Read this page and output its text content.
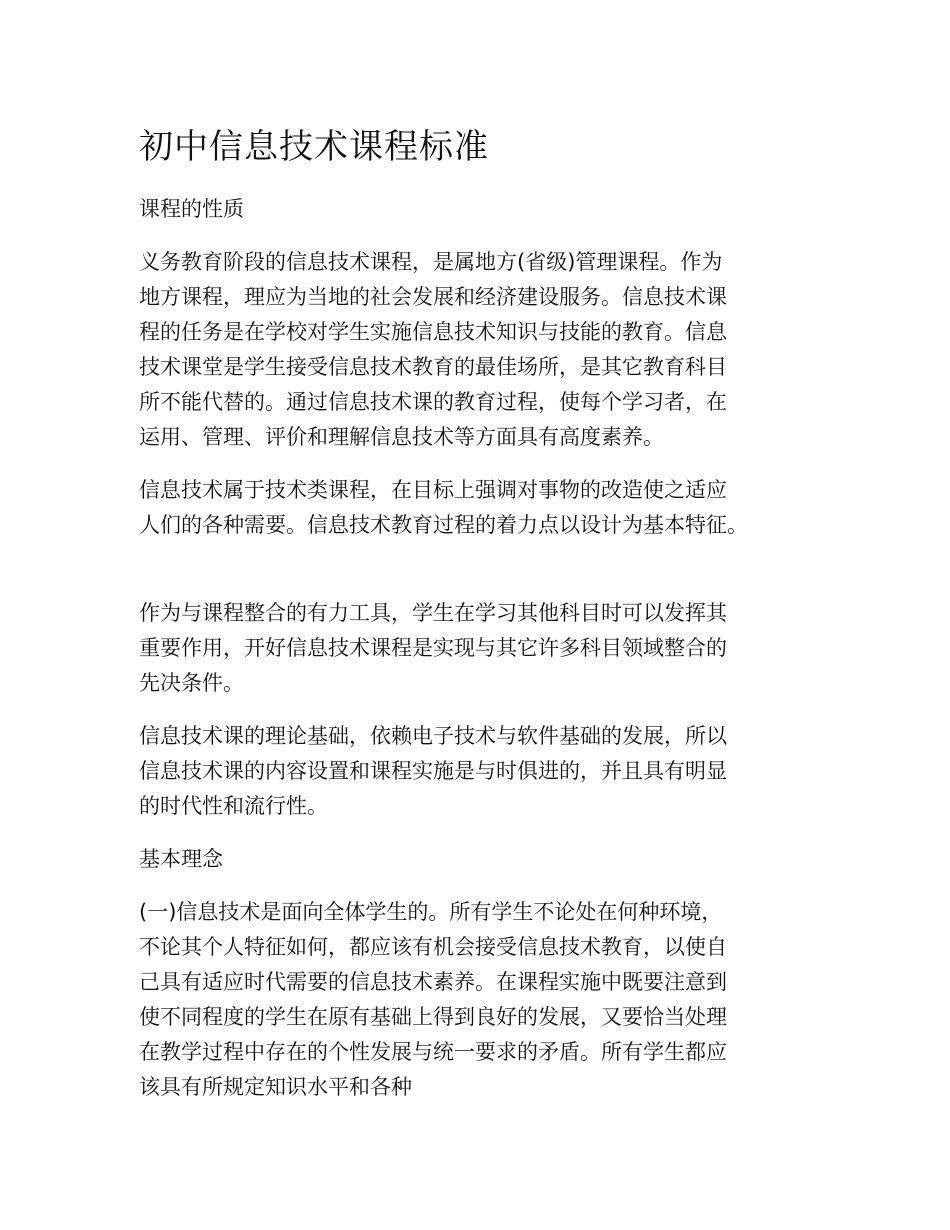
初中信息技术课程标准
课程的性质
义务教育阶段的信息技术课程，是属地方(省级)管理课程。作为
地方课程，理应为当地的社会发展和经济建设服务。信息技术课
程的任务是在学校对学生实施信息技术知识与技能的教育。信息
技术课堂是学生接受信息技术教育的最佳场所，是其它教育科目
所不能代替的。通过信息技术课的教育过程，使每个学习者，在
运用、管理、评价和理解信息技术等方面具有高度素养。
信息技术属于技术类课程，在目标上强调对事物的改造使之适应
人们的各种需要。信息技术教育过程的着力点以设计为基本特征。
作为与课程整合的有力工具，学生在学习其他科目时可以发挥其
重要作用，开好信息技术课程是实现与其它许多科目领域整合的
先决条件。
信息技术课的理论基础，依赖电子技术与软件基础的发展，所以
信息技术课的内容设置和课程实施是与时俱进的，并且具有明显
的时代性和流行性。
基本理念
(一)信息技术是面向全体学生的。所有学生不论处在何种环境，
不论其个人特征如何，都应该有机会接受信息技术教育，以使自
己具有适应时代需要的信息技术素养。在课程实施中既要注意到
使不同程度的学生在原有基础上得到良好的发展，又要恰当处理
在教学过程中存在的个性发展与统一要求的矛盾。所有学生都应
该具有所规定知识水平和各种
